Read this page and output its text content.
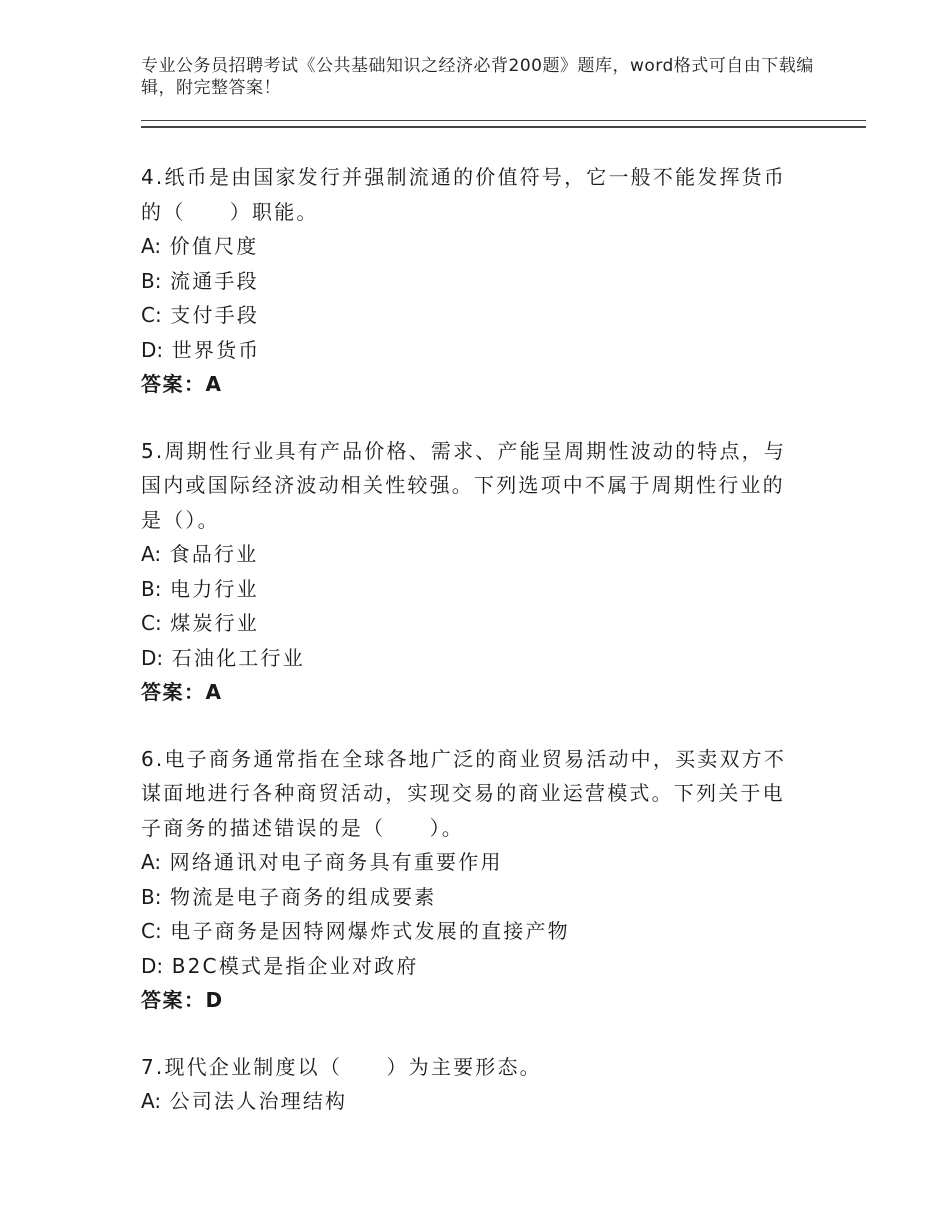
专业公务员招聘考试《公共基础知识之经济必背200题》题库，word格式可自由下载编辑，附完整答案！

4.纸币是由国家发行并强制流通的价值符号，它一般不能发挥货币的（　　）职能。

A: 价值尺度

B: 流通手段

C: 支付手段

D: 世界货币

答案：A

5.周期性行业具有产品价格、需求、产能呈周期性波动的特点，与国内或国际经济波动相关性较强。下列选项中不属于周期性行业的是（）。

A: 食品行业

B: 电力行业

C: 煤炭行业

D: 石油化工行业

答案：A

6.电子商务通常指在全球各地广泛的商业贸易活动中，买卖双方不谋面地进行各种商贸活动，实现交易的商业运营模式。下列关于电子商务的描述错误的是（　　）。

A: 网络通讯对电子商务具有重要作用

B: 物流是电子商务的组成要素

C: 电子商务是因特网爆炸式发展的直接产物

D: B2C模式是指企业对政府

答案：D

7.现代企业制度以（　　）为主要形态。

A: 公司法人治理结构
